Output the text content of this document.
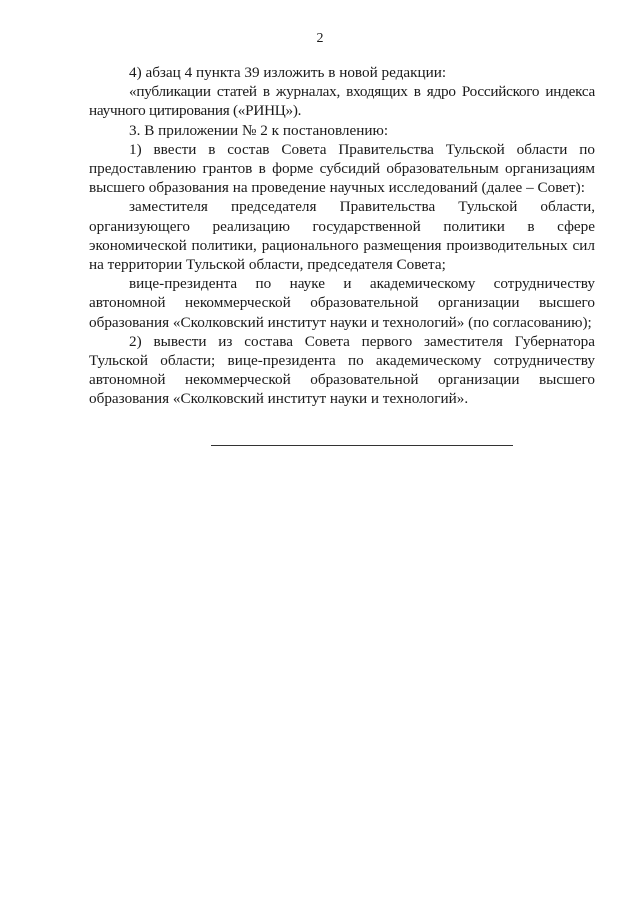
2

4) абзац 4 пункта 39 изложить в новой редакции:

«публикации статей в журналах, входящих в ядро Российского индекса научного цитирования («РИНЦ»).

3. В приложении № 2 к постановлению:

1) ввести в состав Совета Правительства Тульской области по предоставлению грантов в форме субсидий образовательным организациям высшего образования на проведение научных исследований (далее – Совет):

заместителя председателя Правительства Тульской области, организующего реализацию государственной политики в сфере экономической политики, рационального размещения производительных сил на территории Тульской области, председателя Совета;

вице-президента по науке и академическому сотрудничеству автономной некоммерческой образовательной организации высшего образования «Сколковский институт науки и технологий» (по согласованию);

2) вывести из состава Совета первого заместителя Губернатора Тульской области; вице-президента по академическому сотрудничеству автономной некоммерческой образовательной организации высшего образования «Сколковский институт науки и технологий».
